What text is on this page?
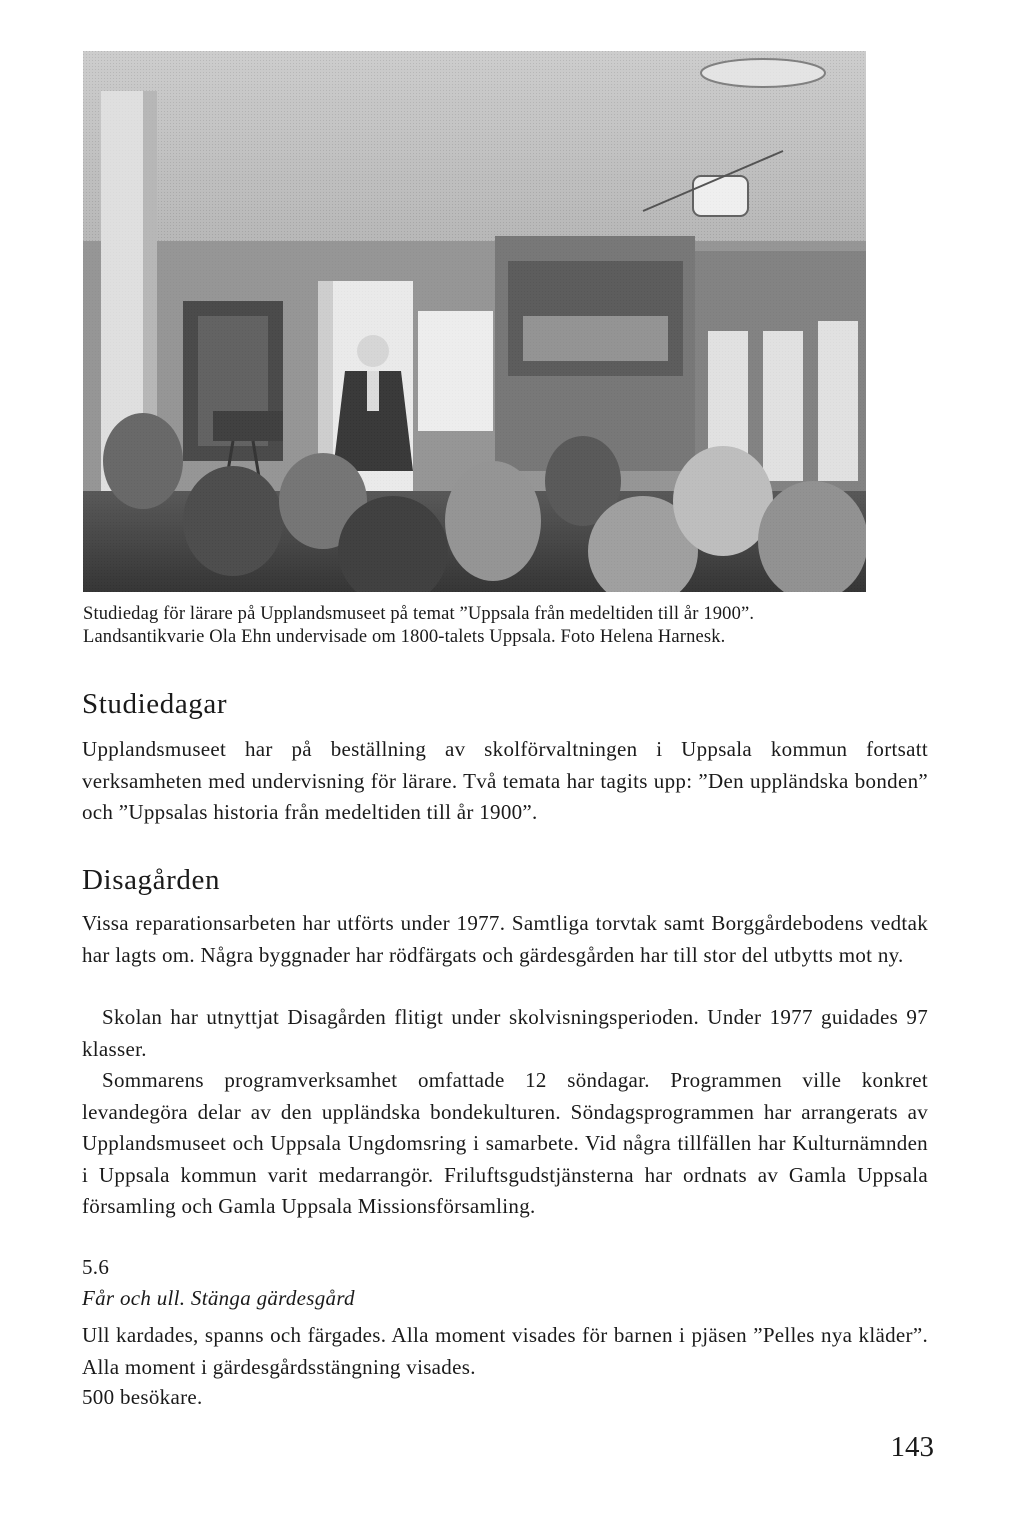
Studiedag för lärare på Upplandsmuseet på temat ”Uppsala från medeltiden till år 1900”.

Landsantikvarie Ola Ehn undervisade om 1800-talets Uppsala. Foto Helena Harnesk.

Studiedagar

Upplandsmuseet har på beställning av skolförvaltningen i Uppsala kommun fortsatt verksamheten med undervisning för lärare. Två temata har tagits upp: ”Den uppländska bonden” och ”Uppsalas historia från medeltiden till år 1900”.

Disagården

Vissa reparationsarbeten har utförts under 1977. Samtliga torvtak samt Borggårdebodens vedtak har lagts om. Några byggnader har rödfärgats och gärdesgården har till stor del utbytts mot ny.

Skolan har utnyttjat Disagården flitigt under skolvisningsperioden. Under 1977 guidades 97 klasser.

Sommarens programverksamhet omfattade 12 söndagar. Programmen ville konkret levandegöra delar av den uppländska bondekulturen. Söndagsprogrammen har arrangerats av Upplandsmuseet och Uppsala Ungdomsring i samarbete. Vid några tillfällen har Kulturnämnden i Uppsala kommun varit medarrangör. Friluftsgudstjänsterna har ordnats av Gamla Uppsala församling och Gamla Uppsala Missionsförsamling.

5.6

Får och ull. Stänga gärdesgård

Ull kardades, spanns och färgades. Alla moment visades för barnen i pjäsen ”Pelles nya kläder”. Alla moment i gärdesgårdsstängning visades.

500 besökare.

143
